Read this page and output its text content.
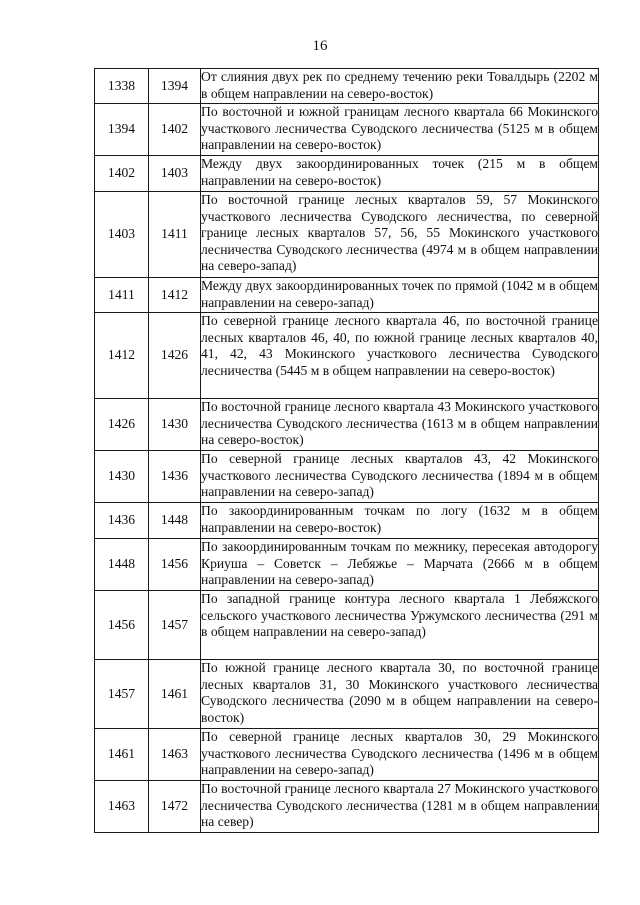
16
1338	1394	От слияния двух рек по среднему течению реки Товалдырь (2202 м в общем направлении на северо-восток)
1394	1402	По восточной и южной границам лесного квартала 66 Мокинского участкового лесничества Суводского лесничества (5125 м в общем направлении на северо-восток)
1402	1403	Между двух закоординированных точек (215 м в общем направлении на северо-восток)
1403	1411	По восточной границе лесных кварталов 59, 57 Мокинского участкового лесничества Суводского лесничества, по северной границе лесных кварталов 57, 56, 55 Мокинского участкового лесничества Суводского лесничества (4974 м в общем направлении на северо-запад)
1411	1412	Между двух закоординированных точек по прямой (1042 м в общем направлении на северо-запад)
1412	1426	По северной границе лесного квартала 46, по восточной границе лесных кварталов 46, 40, по южной границе лесных кварталов 40, 41, 42, 43 Мокинского участкового лесничества Суводского лесничества (5445 м в общем направлении на северо-восток)
1426	1430	По восточной границе лесного квартала 43 Мокинского участкового лесничества Суводского лесничества (1613 м в общем направлении на северо-восток)
1430	1436	По северной границе лесных кварталов 43, 42 Мокинского участкового лесничества Суводского лесничества (1894 м в общем направлении на северо-запад)
1436	1448	По закоординированным точкам по логу (1632 м в общем направлении на северо-восток)
1448	1456	По закоординированным точкам по межнику, пересекая автодорогу Криуша – Советск – Лебяжье – Марчата (2666 м в общем направлении на северо-запад)
1456	1457	По западной границе контура лесного квартала 1 Лебяжского сельского участкового лесничества Уржумского лесничества (291 м в общем направлении на северо-запад)
1457	1461	По южной границе лесного квартала 30, по восточной границе лесных кварталов 31, 30 Мокинского участкового лесничества Суводского лесничества (2090 м в общем направлении на северо-восток)
1461	1463	По северной границе лесных кварталов 30, 29 Мокинского участкового лесничества Суводского лесничества (1496 м в общем направлении на северо-запад)
1463	1472	По восточной границе лесного квартала 27 Мокинского участкового лесничества Суводского лесничества (1281 м в общем направлении на север)
